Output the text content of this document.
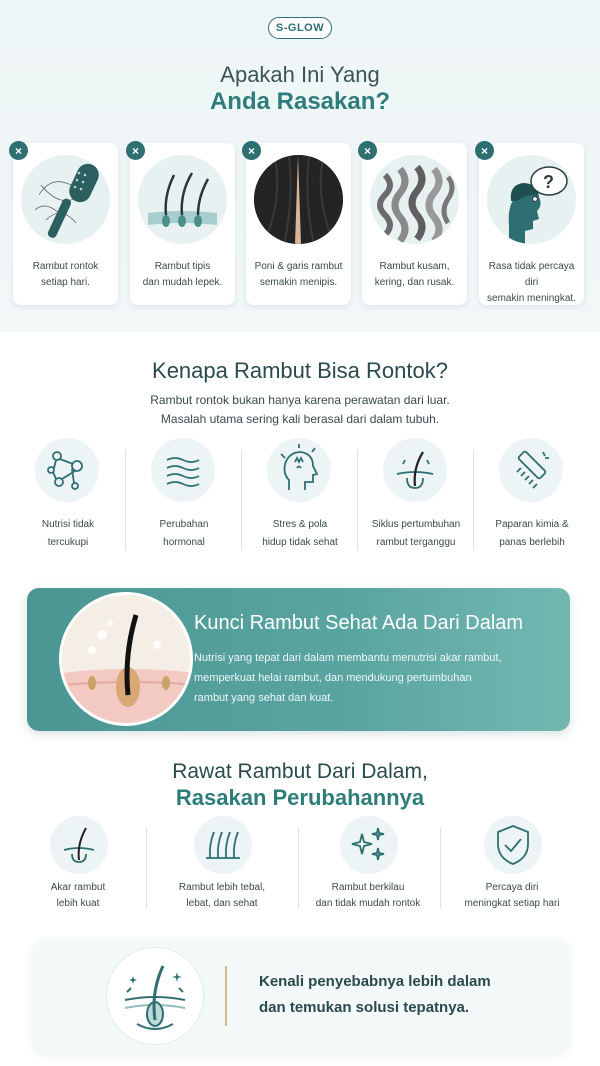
S-GLOW
Apakah Ini Yang
Anda Rasakan?
×
Rambut rontok
setiap hari.
×
Rambut tipis
dan mudah lepek.
×
Poni & garis rambut
semakin menipis.
×
Rambut kusam,
kering, dan rusak.
?
×
Rasa tidak percaya diri
semakin meningkat.
Kenapa Rambut Bisa Rontok?
Rambut rontok bukan hanya karena perawatan dari luar.
Masalah utama sering kali berasal dari dalam tubuh.
Nutrisi tidak
tercukupi
Perubahan
hormonal
Stres & pola
hidup tidak sehat
Siklus pertumbuhan
rambut terganggu
Paparan kimia &
panas berlebih
Kunci Rambut Sehat Ada Dari Dalam
Nutrisi yang tepat dari dalam membantu menutrisi akar rambut,
memperkuat helai rambut, dan mendukung pertumbuhan
rambut yang sehat dan kuat.
Rawat Rambut Dari Dalam,
Rasakan Perubahannya
Akar rambut
lebih kuat
Rambut lebih tebal,
lebat, dan sehat
Rambut berkilau
dan tidak mudah rontok
Percaya diri
meningkat setiap hari
Kenali penyebabnya lebih dalam
dan temukan solusi tepatnya.
